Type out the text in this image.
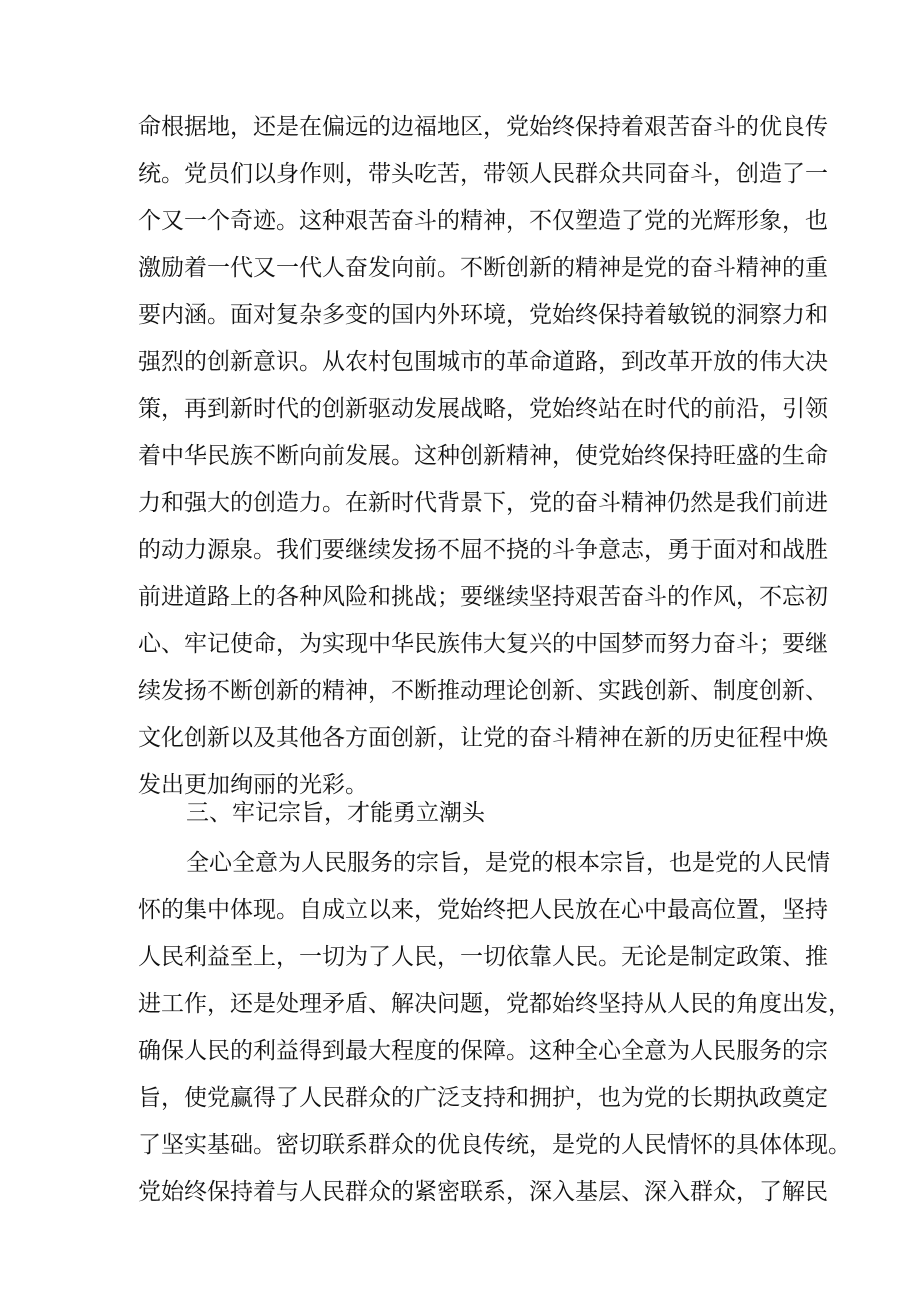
命根据地，还是在偏远的边福地区，党始终保持着艰苦奋斗的优良传
统。党员们以身作则，带头吃苦，带领人民群众共同奋斗，创造了一
个又一个奇迹。这种艰苦奋斗的精神，不仅塑造了党的光辉形象，也
激励着一代又一代人奋发向前。不断创新的精神是党的奋斗精神的重
要内涵。面对复杂多变的国内外环境，党始终保持着敏锐的洞察力和
强烈的创新意识。从农村包围城市的革命道路，到改革开放的伟大决
策，再到新时代的创新驱动发展战略，党始终站在时代的前沿，引领
着中华民族不断向前发展。这种创新精神，使党始终保持旺盛的生命
力和强大的创造力。在新时代背景下，党的奋斗精神仍然是我们前进
的动力源泉。我们要继续发扬不屈不挠的斗争意志，勇于面对和战胜
前进道路上的各种风险和挑战；要继续坚持艰苦奋斗的作风，不忘初
心、牢记使命，为实现中华民族伟大复兴的中国梦而努力奋斗；要继
续发扬不断创新的精神，不断推动理论创新、实践创新、制度创新、
文化创新以及其他各方面创新，让党的奋斗精神在新的历史征程中焕
发出更加绚丽的光彩。
三、牢记宗旨，才能勇立潮头
全心全意为人民服务的宗旨，是党的根本宗旨，也是党的人民情
怀的集中体现。自成立以来，党始终把人民放在心中最高位置，坚持
人民利益至上，一切为了人民，一切依靠人民。无论是制定政策、推
进工作，还是处理矛盾、解决问题，党都始终坚持从人民的角度出发，
确保人民的利益得到最大程度的保障。这种全心全意为人民服务的宗
旨，使党赢得了人民群众的广泛支持和拥护，也为党的长期执政奠定
了坚实基础。密切联系群众的优良传统，是党的人民情怀的具体体现。
党始终保持着与人民群众的紧密联系，深入基层、深入群众，了解民
